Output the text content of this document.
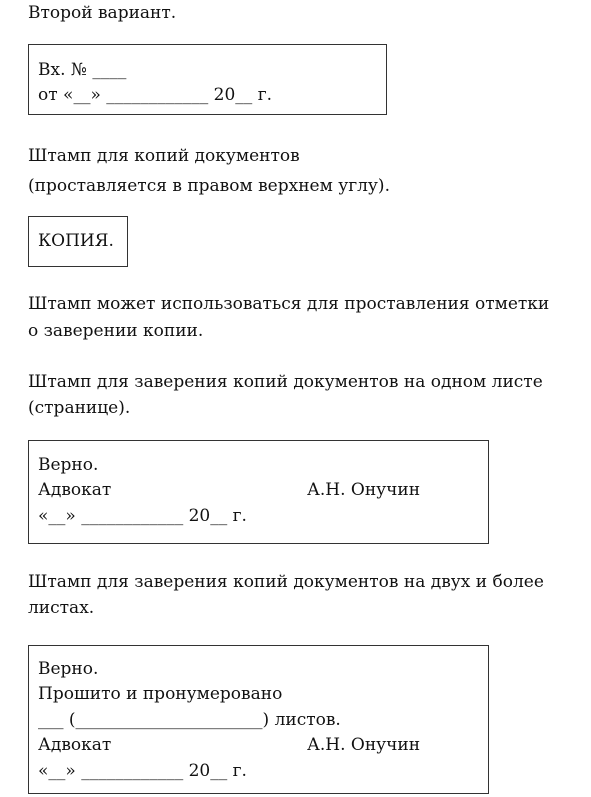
Второй вариант.
Вх. № ____
от «__» ____________ 20__ г.
Штамп для копий документов
(проставляется в правом верхнем углу).
КОПИЯ.
Штамп может использоваться для проставления отметки
о заверении копии.
Штамп для заверения копий документов на одном листе
(странице).
Верно.
Адвокат	А.Н. Онучин
«__» ____________ 20__ г.
Штамп для заверения копий документов на двух и более
листах.
Верно.
Прошито и пронумеровано
___ (______________________) листов.
Адвокат	А.Н. Онучин
«__» ____________ 20__ г.
